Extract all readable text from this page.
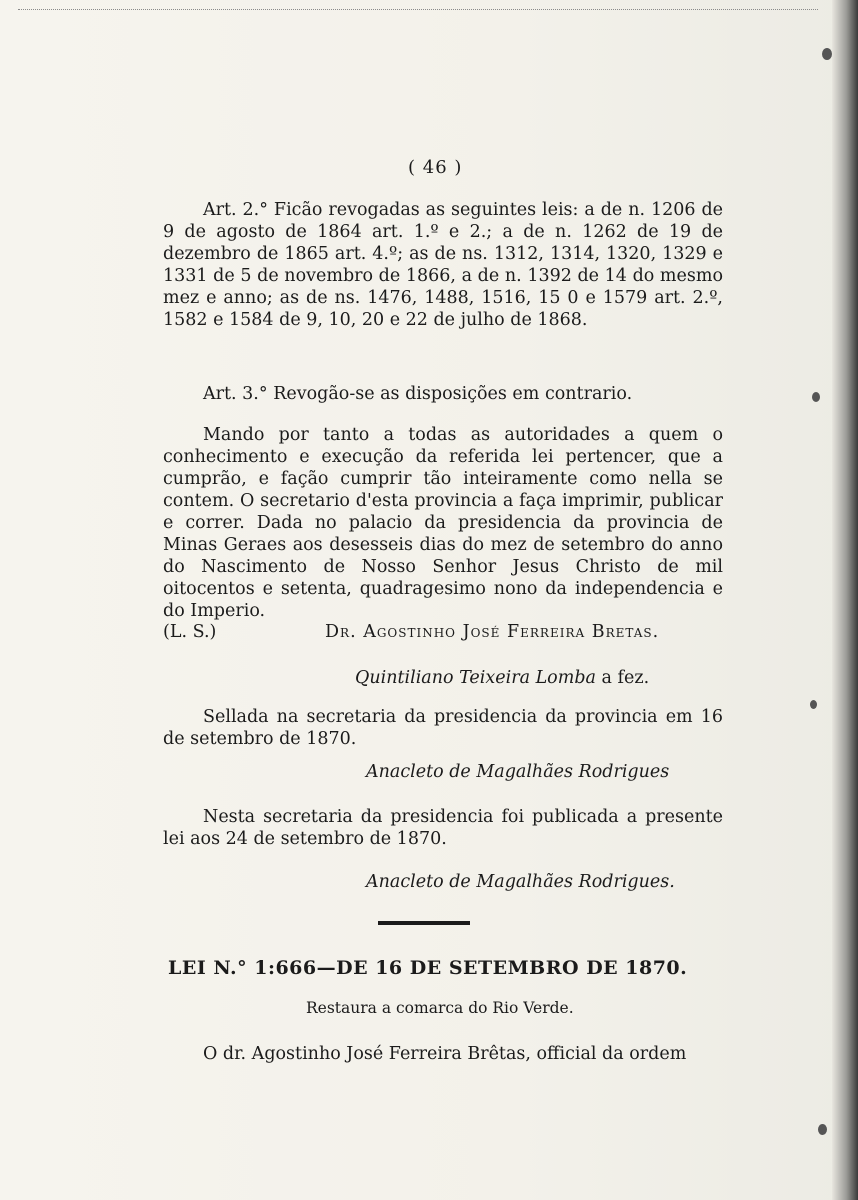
( 46 )
Art. 2.° Ficão revogadas as seguintes leis: a de n. 1206 de 9 de agosto de 1864 art. 1.º e 2.; a de n. 1262 de 19 de dezembro de 1865 art. 4.º; as de ns. 1312, 1314, 1320, 1329 e 1331 de 5 de novembro de 1866, a de n. 1392 de 14 do mesmo mez e anno; as de ns. 1476, 1488, 1516, 15 0 e 1579 art. 2.º, 1582 e 1584 de 9, 10, 20 e 22 de julho de 1868.
Art. 3.° Revogão-se as disposições em contrario.
Mando por tanto a todas as autoridades a quem o conhecimento e execução da referida lei pertencer, que a cumprão, e fação cumprir tão inteiramente como nella se contem. O secretario d'esta provincia a faça imprimir, publicar e correr. Dada no palacio da presidencia da provincia de Minas Geraes aos desesseis dias do mez de setembro do anno do Nascimento de Nosso Senhor Jesus Christo de mil oitocentos e setenta, quadragesimo nono da independencia e do Imperio.
(L. S.)	Dr. Agostinho José Ferreira Bretas.
Quintiliano Teixeira Lomba a fez.
Sellada na secretaria da presidencia da provincia em 16 de setembro de 1870.
Anacleto de Magalhães Rodrigues
Nesta secretaria da presidencia foi publicada a presente lei aos 24 de setembro de 1870.
Anacleto de Magalhães Rodrigues.
LEI N.° 1:666—DE 16 DE SETEMBRO DE 1870.
Restaura a comarca do Rio Verde.
O dr. Agostinho José Ferreira Brêtas, official da ordem
